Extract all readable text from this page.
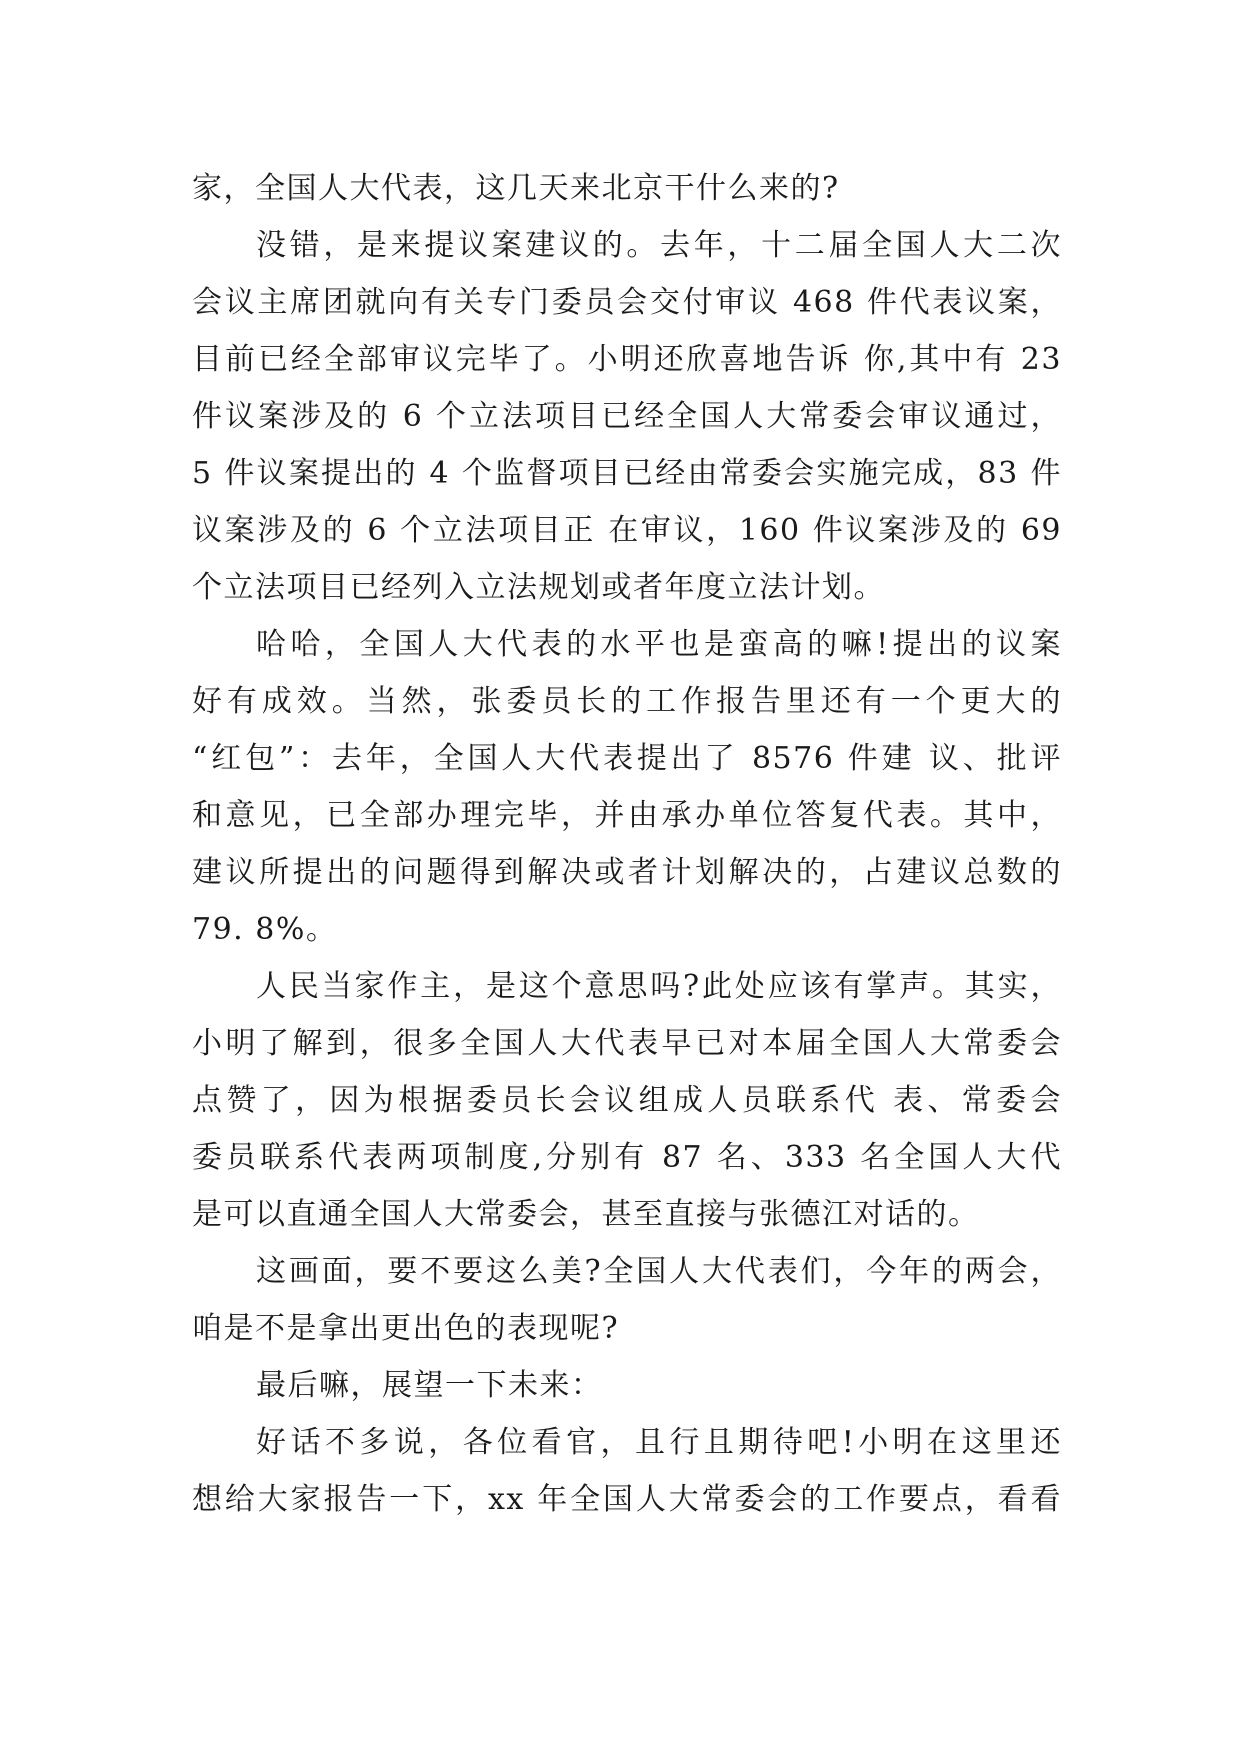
家，全国人大代表，这几天来北京干什么来的?
没错，是来提议案建议的。去年，十二届全国人大二次
会议主席团就向有关专门委员会交付审议 468 件代表议案，
目前已经全部审议完毕了。小明还欣喜地告诉 你,其中有 23
件议案涉及的 6 个立法项目已经全国人大常委会审议通过，
5 件议案提出的 4 个监督项目已经由常委会实施完成，83 件
议案涉及的 6 个立法项目正 在审议，160 件议案涉及的 69
个立法项目已经列入立法规划或者年度立法计划。
哈哈，全国人大代表的水平也是蛮高的嘛!提出的议案
好有成效。当然，张委员长的工作报告里还有一个更大的
“红包”：去年，全国人大代表提出了 8576 件建 议、批评
和意见，已全部办理完毕，并由承办单位答复代表。其中，
建议所提出的问题得到解决或者计划解决的，占建议总数的
79. 8%。
人民当家作主，是这个意思吗?此处应该有掌声。其实，
小明了解到，很多全国人大代表早已对本届全国人大常委会
点赞了，因为根据委员长会议组成人员联系代 表、常委会
委员联系代表两项制度,分别有 87 名、333 名全国人大代
是可以直通全国人大常委会，甚至直接与张德江对话的。
这画面，要不要这么美?全国人大代表们，今年的两会，
咱是不是拿出更出色的表现呢?
最后嘛，展望一下未来：
好话不多说，各位看官，且行且期待吧!小明在这里还
想给大家报告一下，xx 年全国人大常委会的工作要点，看看
